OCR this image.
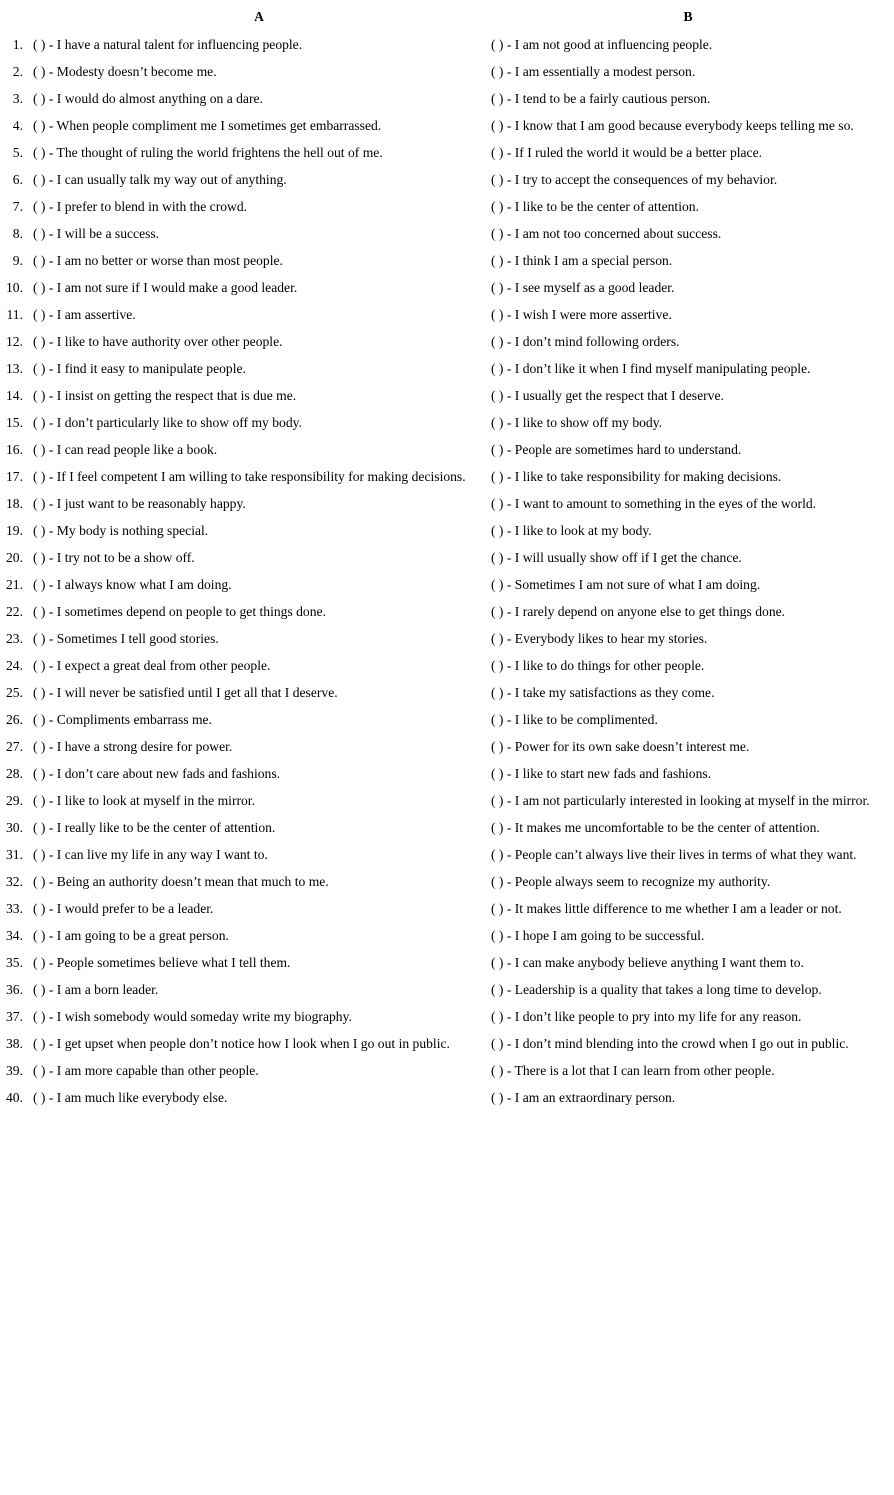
A	B
1. ( ) - I have a natural talent for influencing people.	( ) - I am not good at influencing people.
2. ( ) - Modesty doesn’t become me.	( ) - I am essentially a modest person.
3. ( ) - I would do almost anything on a dare.	( ) - I tend to be a fairly cautious person.
4. ( ) - When people compliment me I sometimes get embarrassed.	( ) - I know that I am good because everybody keeps telling me so.
5. ( ) - The thought of ruling the world frightens the hell out of me.	( ) - If I ruled the world it would be a better place.
6. ( ) - I can usually talk my way out of anything.	( ) - I try to accept the consequences of my behavior.
7. ( ) - I prefer to blend in with the crowd.	( ) - I like to be the center of attention.
8. ( ) - I will be a success.	( ) - I am not too concerned about success.
9. ( ) - I am no better or worse than most people.	( ) - I think I am a special person.
10. ( ) - I am not sure if I would make a good leader.	( ) - I see myself as a good leader.
11. ( ) - I am assertive.	( ) - I wish I were more assertive.
12. ( ) - I like to have authority over other people.	( ) - I don’t mind following orders.
13. ( ) - I find it easy to manipulate people.	( ) - I don’t like it when I find myself manipulating people.
14. ( ) - I insist on getting the respect that is due me.	( ) - I usually get the respect that I deserve.
15. ( ) - I don’t particularly like to show off my body.	( ) - I like to show off my body.
16. ( ) - I can read people like a book.	( ) - People are sometimes hard to understand.
17. ( ) - If I feel competent I am willing to take responsibility for making decisions.	( ) - I like to take responsibility for making decisions.
18. ( ) - I just want to be reasonably happy.	( ) - I want to amount to something in the eyes of the world.
19. ( ) - My body is nothing special.	( ) - I like to look at my body.
20. ( ) - I try not to be a show off.	( ) - I will usually show off if I get the chance.
21. ( ) - I always know what I am doing.	( ) - Sometimes I am not sure of what I am doing.
22. ( ) - I sometimes depend on people to get things done.	( ) - I rarely depend on anyone else to get things done.
23. ( ) - Sometimes I tell good stories.	( ) - Everybody likes to hear my stories.
24. ( ) - I expect a great deal from other people.	( ) - I like to do things for other people.
25. ( ) - I will never be satisfied until I get all that I deserve.	( ) - I take my satisfactions as they come.
26. ( ) - Compliments embarrass me.	( ) - I like to be complimented.
27. ( ) - I have a strong desire for power.	( ) - Power for its own sake doesn’t interest me.
28. ( ) - I don’t care about new fads and fashions.	( ) - I like to start new fads and fashions.
29. ( ) - I like to look at myself in the mirror.	( ) - I am not particularly interested in looking at myself in the mirror.
30. ( ) - I really like to be the center of attention.	( ) - It makes me uncomfortable to be the center of attention.
31. ( ) - I can live my life in any way I want to.	( ) - People can’t always live their lives in terms of what they want.
32. ( ) - Being an authority doesn’t mean that much to me.	( ) - People always seem to recognize my authority.
33. ( ) - I would prefer to be a leader.	( ) - It makes little difference to me whether I am a leader or not.
34. ( ) - I am going to be a great person.	( ) - I hope I am going to be successful.
35. ( ) - People sometimes believe what I tell them.	( ) - I can make anybody believe anything I want them to.
36. ( ) - I am a born leader.	( ) - Leadership is a quality that takes a long time to develop.
37. ( ) - I wish somebody would someday write my biography.	( ) - I don’t like people to pry into my life for any reason.
38. ( ) - I get upset when people don’t notice how I look when I go out in public.	( ) - I don’t mind blending into the crowd when I go out in public.
39. ( ) - I am more capable than other people.	( ) - There is a lot that I can learn from other people.
40. ( ) - I am much like everybody else.	( ) - I am an extraordinary person.
